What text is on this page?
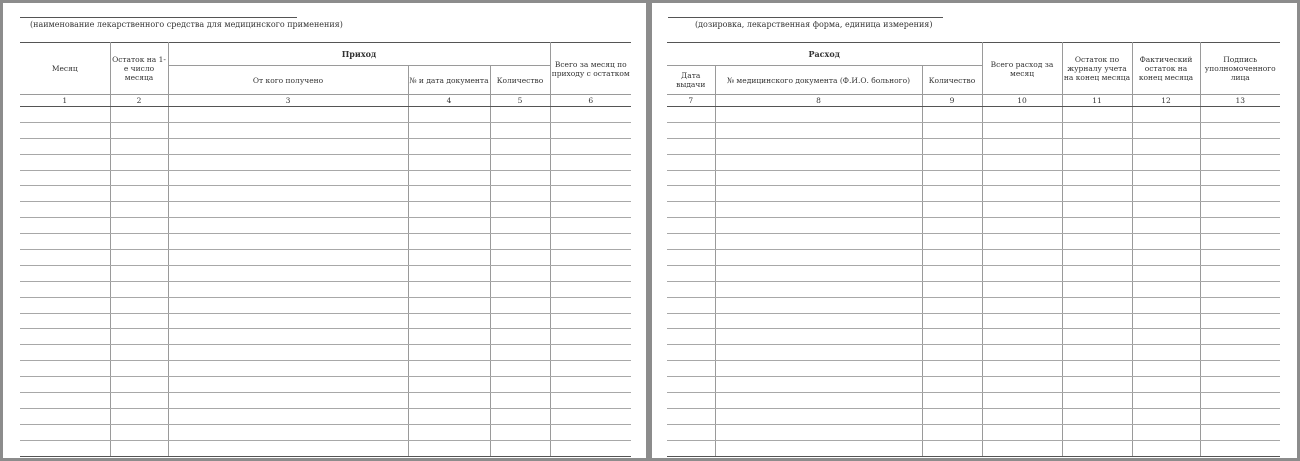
(наименование лекарственного средства для медицинского применения)
Месяц	Остаток на 1-е число месяца	Приход			Всего за месяц по приходу с остатком
		От кого получено	№ и дата документа	Количество	
1	2	3	4	5	6

(дозировка, лекарственная форма, единица измерения)
Расход			Всего расход за месяц	Остаток по журналу учета на конец месяца	Фактический остаток на конец месяца	Подпись уполномоченного лица
Дата выдачи	№ медицинского документа (Ф.И.О. больного)	Количество				
7	8	9	10	11	12	13
